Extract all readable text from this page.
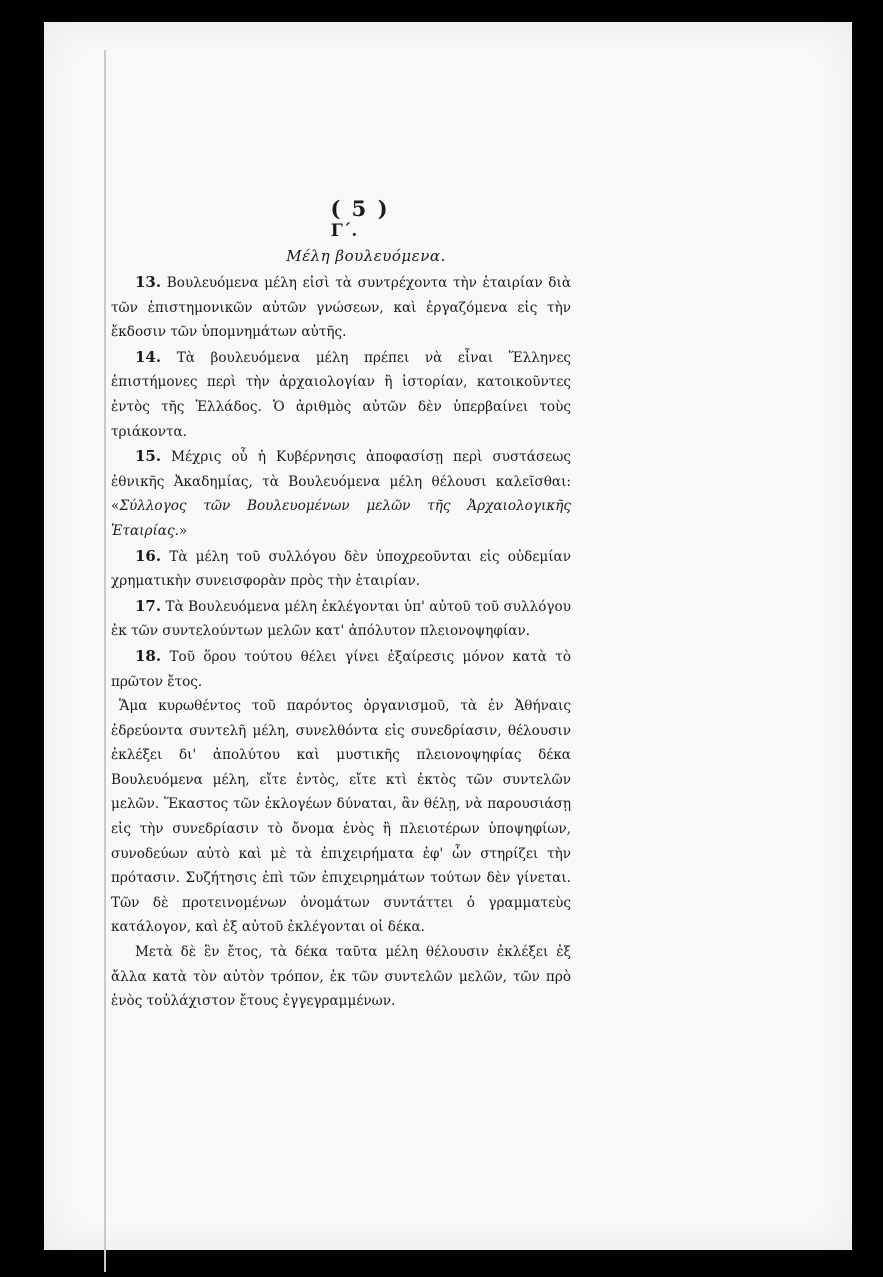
( 5 )
Γ΄.
Μέλη βουλευόμενα.

13. Βουλευόμενα μέλη εἰσὶ τὰ συντρέχοντα τὴν ἑταιρίαν διὰ τῶν ἐπιστημονικῶν αὐτῶν γνώσεων, καὶ ἐργαζόμενα εἰς τὴν ἔκδοσιν τῶν ὑπομνημάτων αὐτῆς.

14. Τὰ βουλευόμενα μέλη πρέπει νὰ εἶναι Ἕλληνες ἐπιστήμονες περὶ τὴν ἀρχαιολογίαν ἢ ἱστορίαν, κατοικοῦντες ἐντὸς τῆς Ἑλλάδος. Ὁ ἀριθμὸς αὐτῶν δὲν ὑπερβαίνει τοὺς τριάκοντα.

15. Μέχρις οὗ ἡ Κυβέρνησις ἀποφασίσῃ περὶ συστάσεως ἐθνικῆς Ἀκαδημίας, τὰ Βουλευόμενα μέλη θέλουσι καλεῖσθαι: «Σύλλογος τῶν Βουλευομένων μελῶν τῆς Ἀρχαιολογικῆς Ἑταιρίας.»

16. Τὰ μέλη τοῦ συλλόγου δὲν ὑποχρεοῦνται εἰς οὐδεμίαν χρηματικὴν συνεισφορὰν πρὸς τὴν ἑταιρίαν.

17. Τὰ Βουλευόμενα μέλη ἐκλέγονται ὑπ' αὐτοῦ τοῦ συλλόγου ἐκ τῶν συντελούντων μελῶν κατ' ἀπόλυτον πλειονοψηφίαν.

18. Τοῦ ὅρου τούτου θέλει γίνει ἐξαίρεσις μόνον κατὰ τὸ πρῶτον ἔτος.

Ἅμα κυρωθέντος τοῦ παρόντος ὀργανισμοῦ, τὰ ἐν Ἀθήναις ἑδρεύοντα συντελῆ μέλη, συνελθόντα εἰς συνεδρίασιν, θέλουσιν ἐκλέξει δι' ἀπολύτου καὶ μυστικῆς πλειονοψηφίας δέκα Βουλευόμενα μέλη, εἴτε ἐντὸς, εἴτε κτὶ ἐκτὸς τῶν συντελῶν μελῶν. Ἕκαστος τῶν ἐκλογέων δύναται, ἂν θέλῃ, νὰ παρουσιάσῃ εἰς τὴν συνεδρίασιν τὸ ὄνομα ἑνὸς ἢ πλειοτέρων ὑποψηφίων, συνοδεύων αὐτὸ καὶ μὲ τὰ ἐπιχειρήματα ἐφ' ὧν στηρίζει τὴν πρότασιν. Συζήτησις ἐπὶ τῶν ἐπιχειρημάτων τούτων δὲν γίνεται. Τῶν δὲ προτεινομένων ὀνομάτων συντάττει ὁ γραμματεὺς κατάλογον, καὶ ἐξ αὐτοῦ ἐκλέγονται οἱ δέκα.

Μετὰ δὲ ἓν ἔτος, τὰ δέκα ταῦτα μέλη θέλουσιν ἐκλέξει ἐξ ἄλλα κατὰ τὸν αὐτὸν τρόπον, ἐκ τῶν συντελῶν μελῶν, τῶν πρὸ ἑνὸς τοὐλάχιστον ἔτους ἐγγεγραμμένων.
